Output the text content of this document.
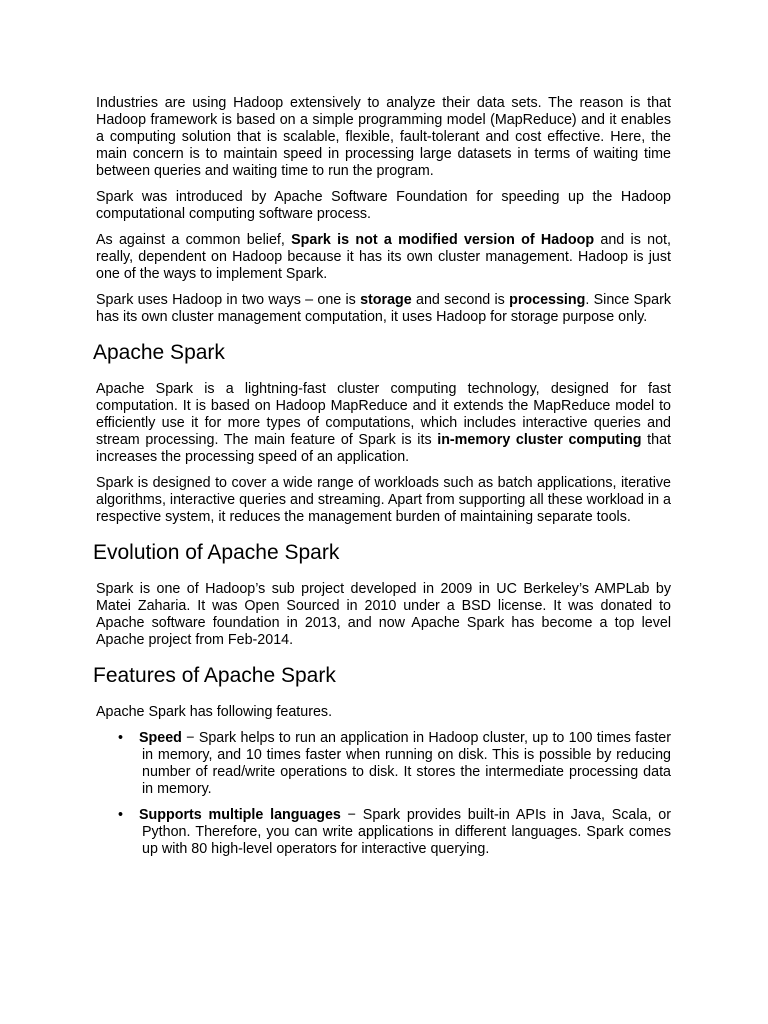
Industries are using Hadoop extensively to analyze their data sets. The reason is that Hadoop framework is based on a simple programming model (MapReduce) and it enables a computing solution that is scalable, flexible, fault-tolerant and cost effective. Here, the main concern is to maintain speed in processing large datasets in terms of waiting time between queries and waiting time to run the program.

Spark was introduced by Apache Software Foundation for speeding up the Hadoop computational computing software process.

As against a common belief, Spark is not a modified version of Hadoop and is not, really, dependent on Hadoop because it has its own cluster management. Hadoop is just one of the ways to implement Spark.

Spark uses Hadoop in two ways – one is storage and second is processing. Since Spark has its own cluster management computation, it uses Hadoop for storage purpose only.

Apache Spark

Apache Spark is a lightning-fast cluster computing technology, designed for fast computation. It is based on Hadoop MapReduce and it extends the MapReduce model to efficiently use it for more types of computations, which includes interactive queries and stream processing. The main feature of Spark is its in-memory cluster computing that increases the processing speed of an application.

Spark is designed to cover a wide range of workloads such as batch applications, iterative algorithms, interactive queries and streaming. Apart from supporting all these workload in a respective system, it reduces the management burden of maintaining separate tools.

Evolution of Apache Spark

Spark is one of Hadoop’s sub project developed in 2009 in UC Berkeley’s AMPLab by Matei Zaharia. It was Open Sourced in 2010 under a BSD license. It was donated to Apache software foundation in 2013, and now Apache Spark has become a top level Apache project from Feb-2014.

Features of Apache Spark

Apache Spark has following features.

• Speed − Spark helps to run an application in Hadoop cluster, up to 100 times faster in memory, and 10 times faster when running on disk. This is possible by reducing number of read/write operations to disk. It stores the intermediate processing data in memory.
• Supports multiple languages − Spark provides built-in APIs in Java, Scala, or Python. Therefore, you can write applications in different languages. Spark comes up with 80 high-level operators for interactive querying.
